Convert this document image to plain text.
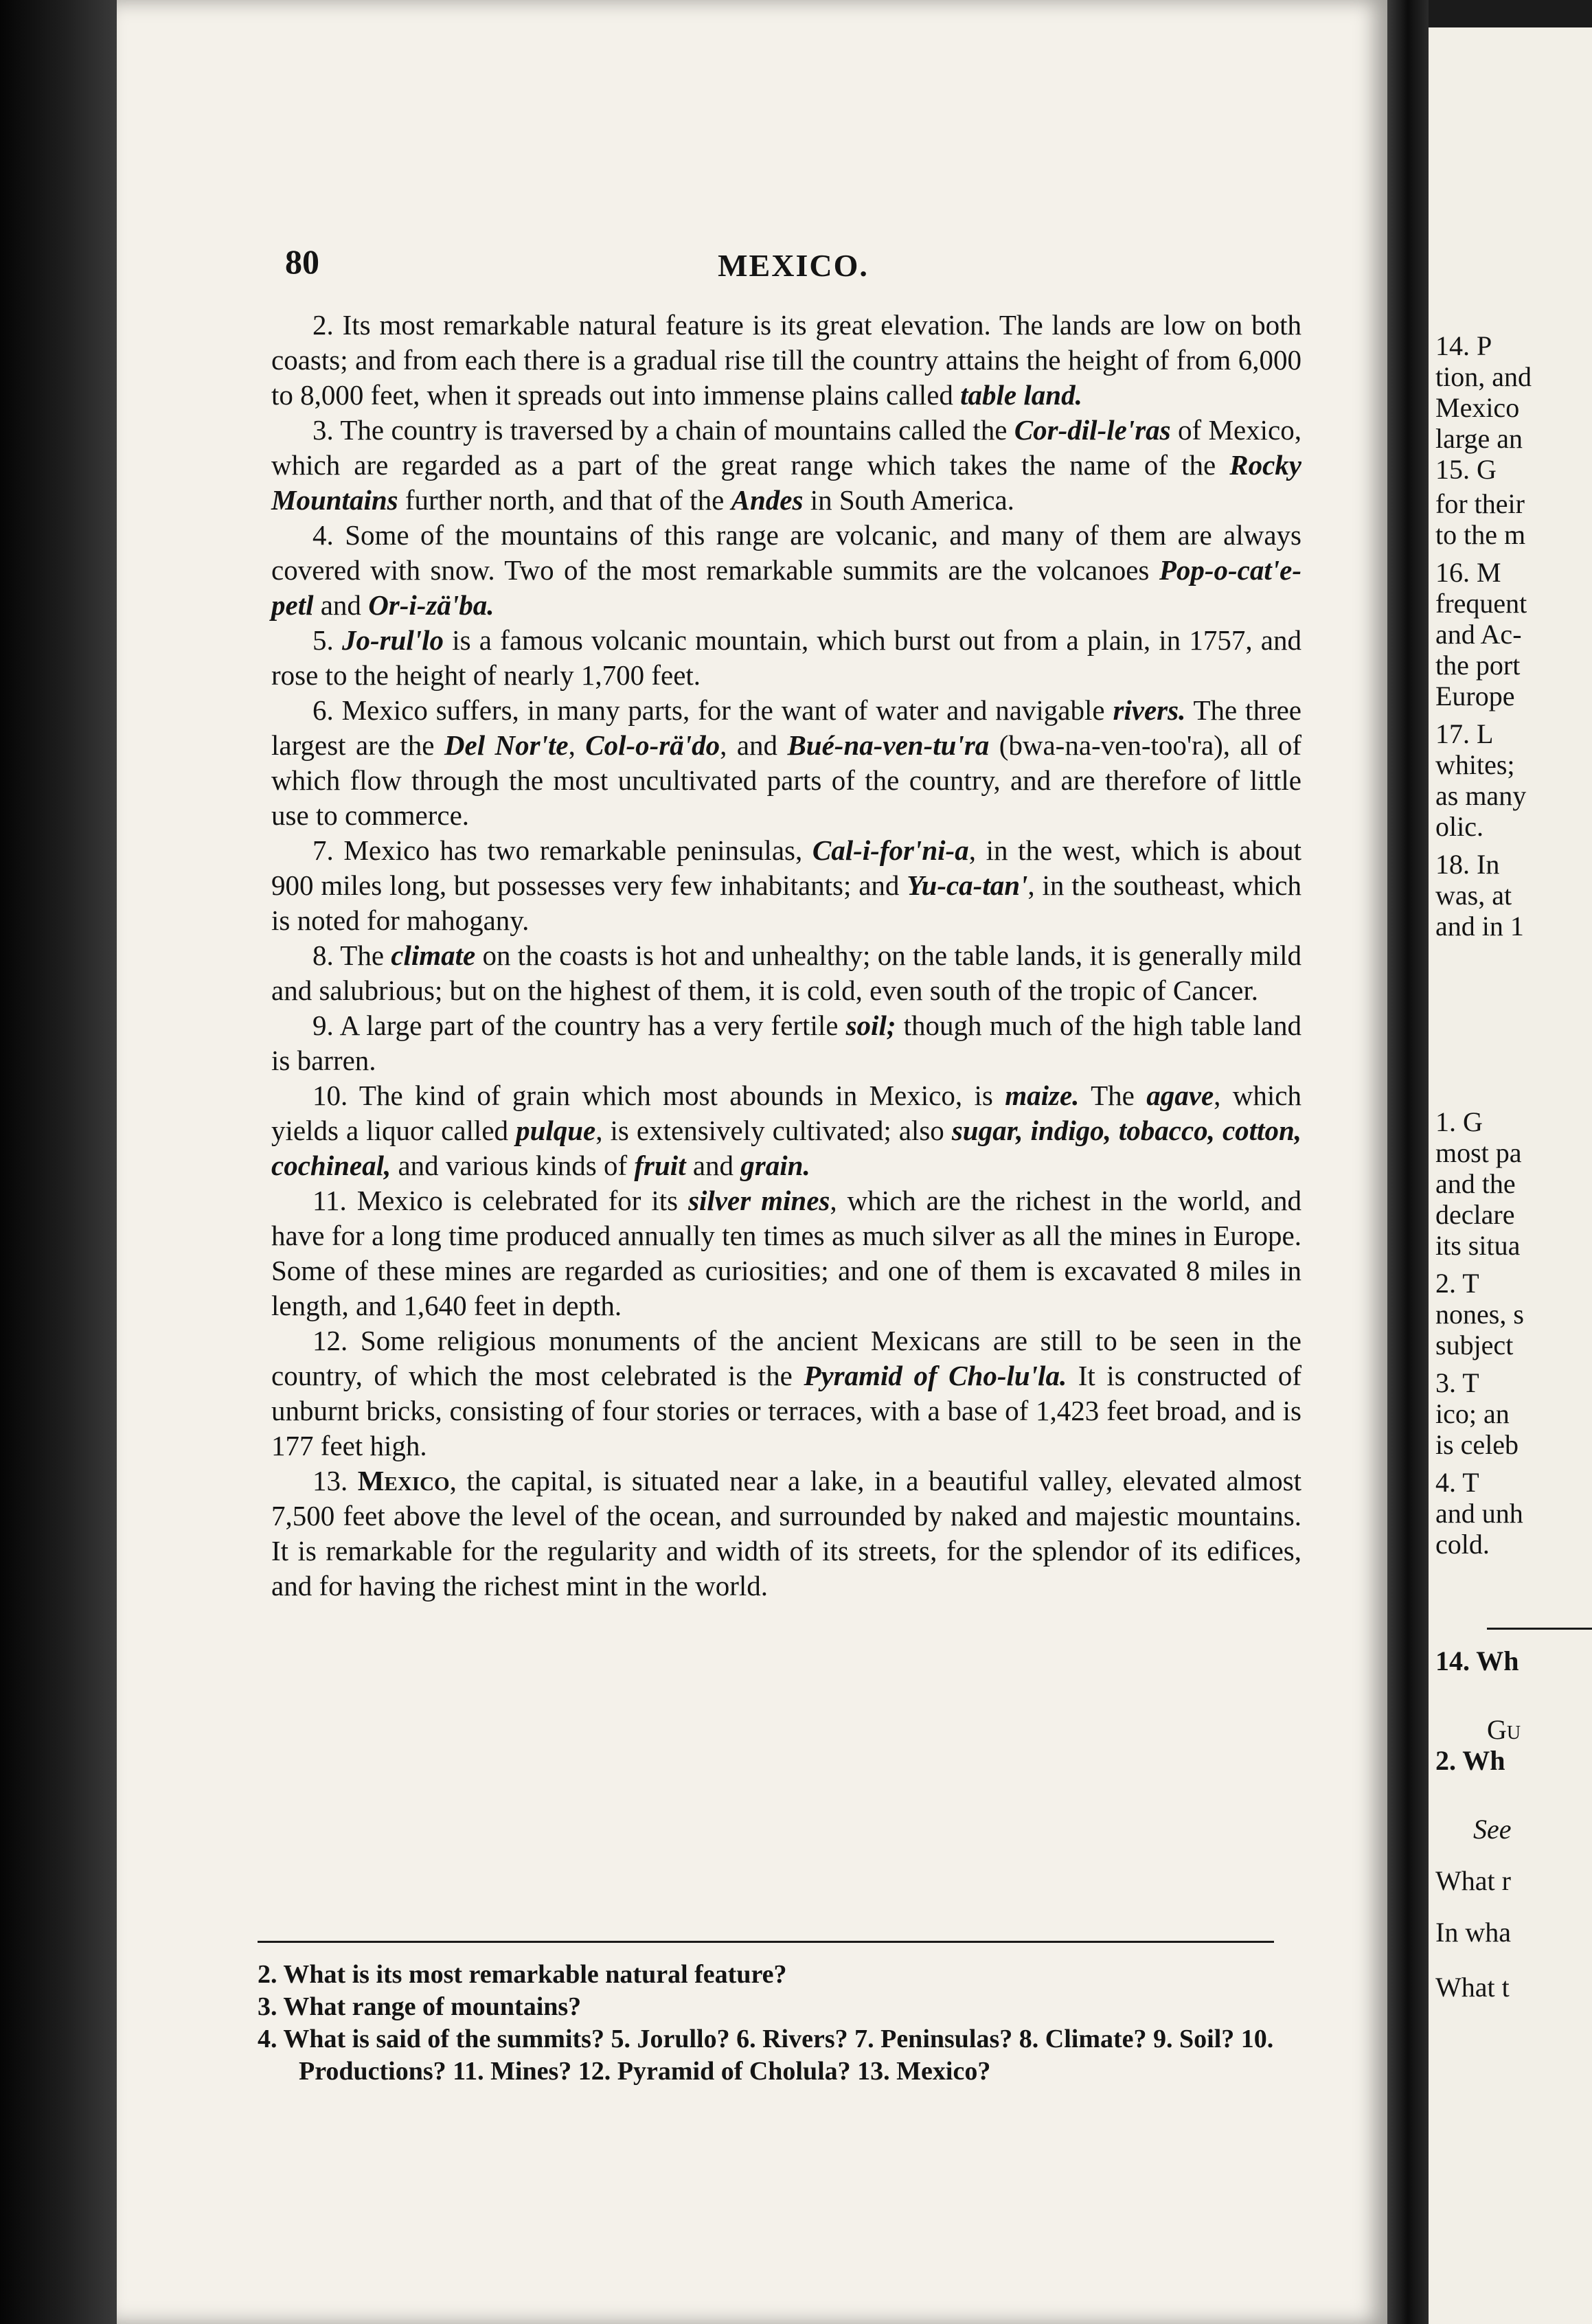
80	MEXICO.

2. Its most remarkable natural feature is its great elevation. The lands are low on both coasts; and from each there is a gradual rise till the country attains the height of from 6,000 to 8,000 feet, when it spreads out into immense plains called table land.

3. The country is traversed by a chain of mountains called the Cor-dil-le'ras of Mexico, which are regarded as a part of the great range which takes the name of the Rocky Mountains further north, and that of the Andes in South America.

4. Some of the mountains of this range are volcanic, and many of them are always covered with snow. Two of the most remarkable summits are the volcanoes Pop-o-cat'e-petl and Or-i-zä'ba.

5. Jo-rul'lo is a famous volcanic mountain, which burst out from a plain, in 1757, and rose to the height of nearly 1,700 feet.

6. Mexico suffers, in many parts, for the want of water and navigable rivers. The three largest are the Del Nor'te, Col-o-rä'do, and Bué-na-ven-tu'ra (bwa-na-ven-too'ra), all of which flow through the most uncultivated parts of the country, and are therefore of little use to commerce.

7. Mexico has two remarkable peninsulas, Cal-i-for'ni-a, in the west, which is about 900 miles long, but possesses very few inhabitants; and Yu-ca-tan', in the southeast, which is noted for mahogany.

8. The climate on the coasts is hot and unhealthy; on the table lands, it is generally mild and salubrious; but on the highest of them, it is cold, even south of the tropic of Cancer.

9. A large part of the country has a very fertile soil; though much of the high table land is barren.

10. The kind of grain which most abounds in Mexico, is maize. The agave, which yields a liquor called pulque, is extensively cultivated; also sugar, indigo, tobacco, cotton, cochineal, and various kinds of fruit and grain.

11. Mexico is celebrated for its silver mines, which are the richest in the world, and have for a long time produced annually ten times as much silver as all the mines in Europe. Some of these mines are regarded as curiosities; and one of them is excavated 8 miles in length, and 1,640 feet in depth.

12. Some religious monuments of the ancient Mexicans are still to be seen in the country, of which the most celebrated is the Pyramid of Cho-lu'la. It is constructed of unburnt bricks, consisting of four stories or terraces, with a base of 1,423 feet broad, and is 177 feet high.

13. Mexico, the capital, is situated near a lake, in a beautiful valley, elevated almost 7,500 feet above the level of the ocean, and surrounded by naked and majestic mountains. It is remarkable for the regularity and width of its streets, for the splendor of its edifices, and for having the richest mint in the world.

2. What is its most remarkable natural feature?

3. What range of mountains?

4. What is said of the summits? 5. Jorullo? 6. Rivers? 7. Peninsulas? 8. Climate? 9. Soil? 10. Productions? 11. Mines? 12. Pyramid of Cholula? 13. Mexico?

14. P
tion, and
Mexico
large an
15. G
for their
to the m
16. M
frequent
and Ac-
the port
Europe
17. L
whites;
as many
olic.
18. In
was, at
and in 1
1. G
most pa
and the
declare
its situa
2. T
nones, s
subject
3. T
ico; an
is celeb
4. T
and unh
cold.
14. Wh
Gu
2. Wh
See
What r
In wha
What t
